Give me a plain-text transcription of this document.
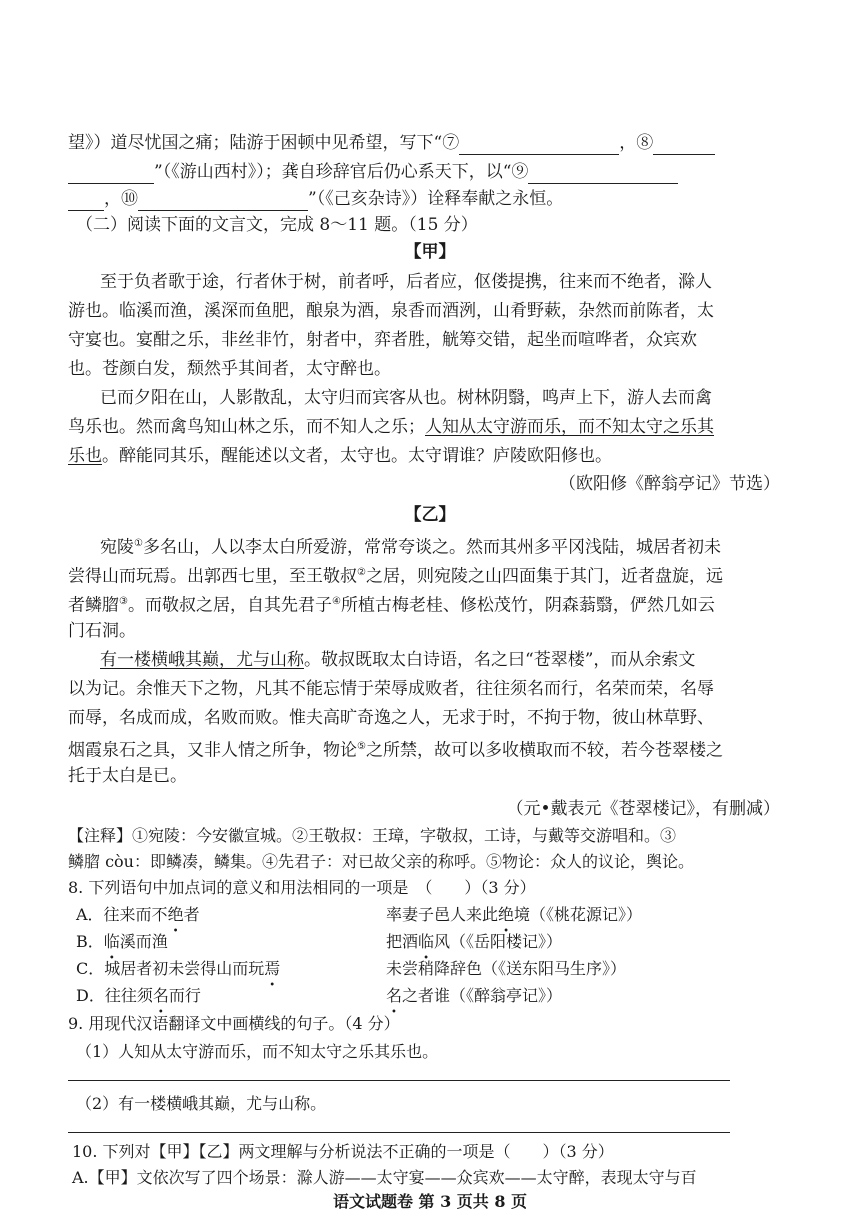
望》）道尽忧国之痛；陆游于困顿中见希望，写下“⑦	，⑧
”（《游山西村》）；龚自珍辞官后仍心系天下，以“⑨
，⑩	”（《己亥杂诗》）诠释奉献之永恒。
（二）阅读下面的文言文，完成 8～11 题。（15 分）
【甲】
至于负者歌于途，行者休于树，前者呼，后者应，伛偻提携，往来而不绝者，滁人
游也。临溪而渔，溪深而鱼肥，酿泉为酒，泉香而酒洌，山肴野蔌，杂然而前陈者，太
守宴也。宴酣之乐，非丝非竹，射者中，弈者胜，觥筹交错，起坐而喧哗者，众宾欢
也。苍颜白发，颓然乎其间者，太守醉也。
已而夕阳在山，人影散乱，太守归而宾客从也。树林阴翳，鸣声上下，游人去而禽
鸟乐也。然而禽鸟知山林之乐，而不知人之乐；人知从太守游而乐，而不知太守之乐其
乐也。醉能同其乐，醒能述以文者，太守也。太守谓谁？庐陵欧阳修也。
（欧阳修《醉翁亭记》节选）
【乙】
宛陵①多名山，人以李太白所爱游，常常夸谈之。然而其州多平冈浅陆，城居者初未
尝得山而玩焉。出郭西七里，至王敬叔②之居，则宛陵之山四面集于其门，近者盘旋，远
者鳞䐇③。而敬叔之居，自其先君子④所植古梅老桂、修松茂竹，阴森蓊翳，俨然几如云
门石洞。
有一楼横峨其巅，尤与山称。敬叔既取太白诗语，名之曰“苍翠楼”，而从余索文
以为记。余惟天下之物，凡其不能忘情于荣辱成败者，往往须名而行，名荣而荣，名辱
而辱，名成而成，名败而败。惟夫高旷奇逸之人，无求于时，不拘于物，彼山林草野、
烟霞泉石之具，又非人情之所争，物论⑤之所禁，故可以多收横取而不较，若今苍翠楼之
托于太白是已。
（元•戴表元《苍翠楼记》，有删减）
【注释】①宛陵：今安徽宣城。②王敬叔：王璋，字敬叔，工诗，与戴等交游唱和。③
鳞䐇 còu：即鳞凑，鳞集。④先君子：对已故父亲的称呼。⑤物论：众人的议论，舆论。
8. 下列语句中加点词的意义和用法相同的一项是　（　　）（3 分）
A．往来而不绝者	率妻子邑人来此绝境（《桃花源记》）
B．临溪而渔	把酒临风（《岳阳楼记》）
C．城居者初未尝得山而玩焉	未尝稍降辞色（《送东阳马生序》）
D．往往须名而行	名之者谁（《醉翁亭记》）
9. 用现代汉语翻译文中画横线的句子。（4 分）
（1）人知从太守游而乐，而不知太守之乐其乐也。
（2）有一楼横峨其巅，尤与山称。
10. 下列对【甲】【乙】两文理解与分析说法不正确的一项是（　　）（3 分）
A.【甲】文依次写了四个场景：滁人游——太守宴——众宾欢——太守醉，表现太守与百
语文试题卷 第 3 页共 8 页
